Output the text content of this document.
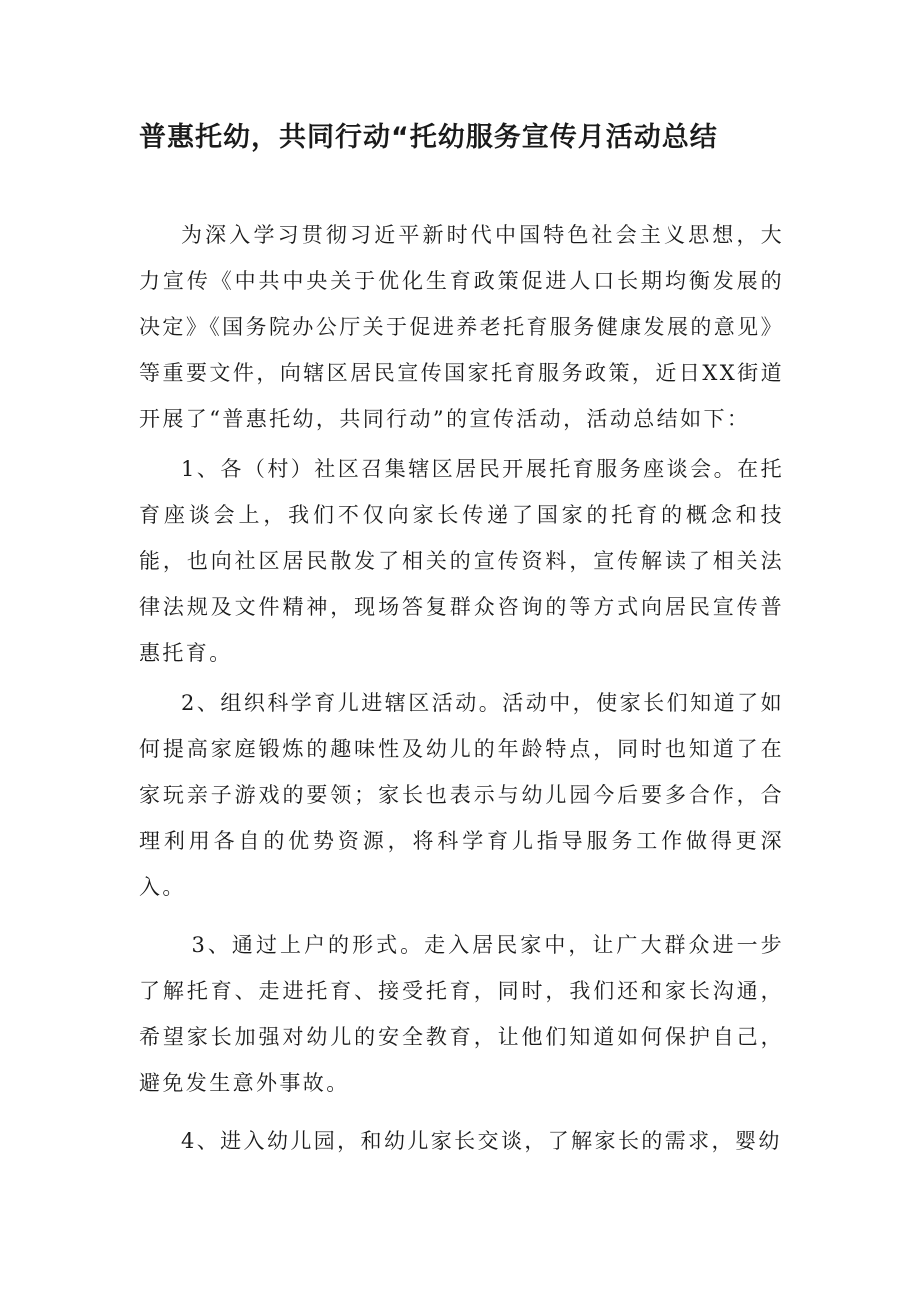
普惠托幼，共同行动“托幼服务宣传月活动总结

为深入学习贯彻习近平新时代中国特色社会主义思想，大力宣传《中共中央关于优化生育政策促进人口长期均衡发展的决定》《国务院办公厅关于促进养老托育服务健康发展的意见》等重要文件，向辖区居民宣传国家托育服务政策，近日XX街道开展了“普惠托幼，共同行动”的宣传活动，活动总结如下：

1、各（村）社区召集辖区居民开展托育服务座谈会。在托育座谈会上，我们不仅向家长传递了国家的托育的概念和技能，也向社区居民散发了相关的宣传资料，宣传解读了相关法律法规及文件精神，现场答复群众咨询的等方式向居民宣传普惠托育。

2、组织科学育儿进辖区活动。活动中，使家长们知道了如何提高家庭锻炼的趣味性及幼儿的年龄特点，同时也知道了在家玩亲子游戏的要领；家长也表示与幼儿园今后要多合作，合理利用各自的优势资源，将科学育儿指导服务工作做得更深入。

3、通过上户的形式。走入居民家中，让广大群众进一步了解托育、走进托育、接受托育，同时，我们还和家长沟通，希望家长加强对幼儿的安全教育，让他们知道如何保护自己，避免发生意外事故。

4、进入幼儿园，和幼儿家长交谈，了解家长的需求，婴幼
